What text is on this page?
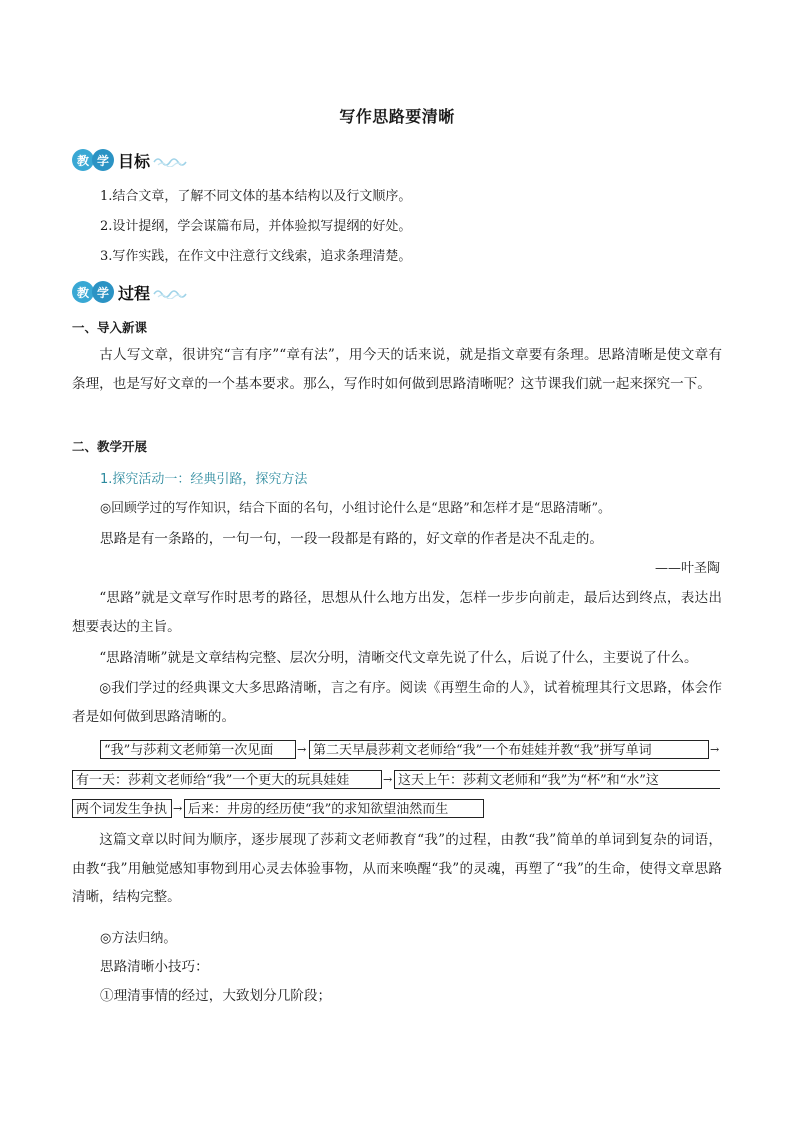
写作思路要清晰
教 学 目标
1.结合文章，了解不同文体的基本结构以及行文顺序。
2.设计提纲，学会谋篇布局，并体验拟写提纲的好处。
3.写作实践，在作文中注意行文线索，追求条理清楚。
教 学 过程
一、导入新课
古人写文章，很讲究“言有序”“章有法”，用今天的话来说，就是指文章要有条理。思路清晰是使文章有条理，也是写好文章的一个基本要求。那么，写作时如何做到思路清晰呢？这节课我们就一起来探究一下。
二、教学开展
1.探究活动一：经典引路，探究方法
◎回顾学过的写作知识，结合下面的名句，小组讨论什么是“思路”和怎样才是“思路清晰”。
思路是有一条路的，一句一句，一段一段都是有路的，好文章的作者是决不乱走的。
——叶圣陶
“思路”就是文章写作时思考的路径，思想从什么地方出发，怎样一步步向前走，最后达到终点，表达出想要表达的主旨。
“思路清晰”就是文章结构完整、层次分明，清晰交代文章先说了什么，后说了什么，主要说了什么。
◎我们学过的经典课文大多思路清晰，言之有序。阅读《再塑生命的人》，试着梳理其行文思路，体会作者是如何做到思路清晰的。
“我”与莎莉文老师第一次见面	→ 第二天早晨莎莉文老师给“我”一个布娃娃并教“我”拼写单词	→
有一天：莎莉文老师给“我”一个更大的玩具娃娃	→ 这天上午：莎莉文老师和“我”为“杯”和“水”这
两个词发生争执 → 后来：井房的经历使“我”的求知欲望油然而生
这篇文章以时间为顺序，逐步展现了莎莉文老师教育“我”的过程，由教“我”简单的单词到复杂的词语，由教“我”用触觉感知事物到用心灵去体验事物，从而来唤醒“我”的灵魂，再塑了“我”的生命，使得文章思路清晰，结构完整。
◎方法归纳。
思路清晰小技巧：
①理清事情的经过，大致划分几阶段；
